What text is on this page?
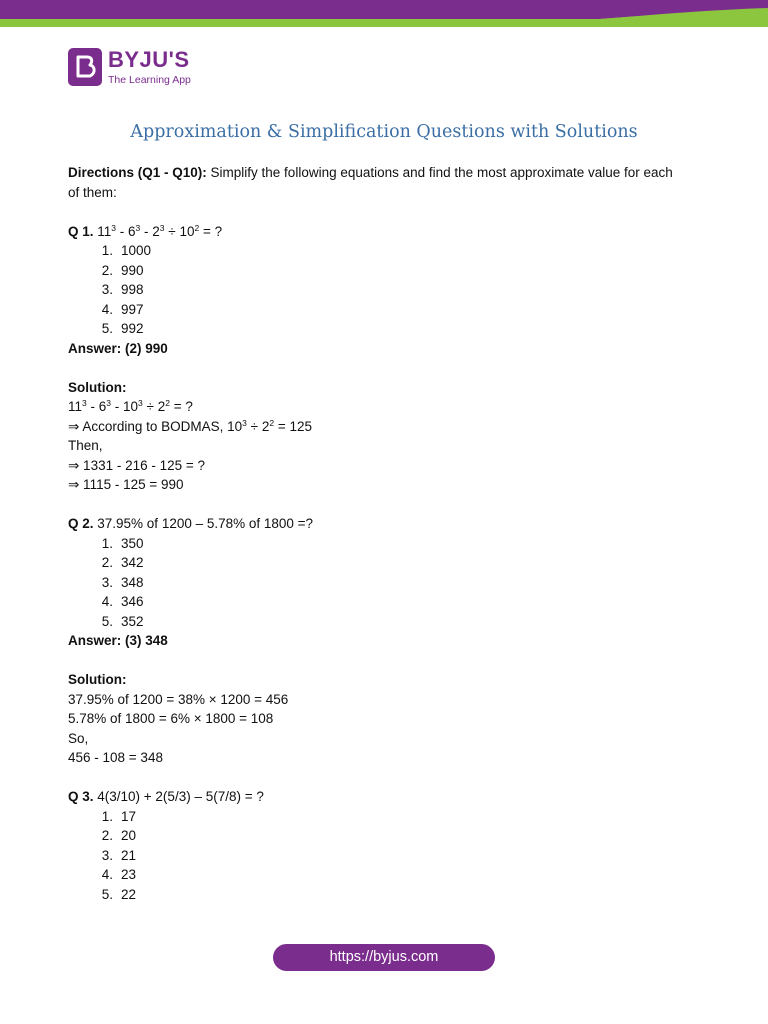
BYJU'S
The Learning App
Approximation & Simplification Questions with Solutions

Directions (Q1 - Q10): Simplify the following equations and find the most approximate value for each

of them:

Q 1. $11^3 - 6^3 - 2^3 \div 10^2$ = ?

1. 1000
2. 990
3. 998
4. 997
5. 992

Answer: (2) 990

Solution:

$11^3 - 6^3 - 10^3 \div 2^2$ = ?

⇒ According to BODMAS, $10^3 \div 2^2 = 125$

Then,

⇒ 1331 - 216 - 125 = ?

⇒ 1115 - 125 = 990

Q 2. 37.95% of 1200 – 5.78% of 1800 =?

1. 350
2. 342
3. 348
4. 346
5. 352

Answer: (3) 348

Solution:

37.95% of 1200 = 38% × 1200 = 456

5.78% of 1800 = 6% × 1800 = 108

So,

456 - 108 = 348

Q 3. 4(3/10) + 2(5/3) – 5(7/8) = ?

1. 17
2. 20
3. 21
4. 23
5. 22
https://byjus.com
